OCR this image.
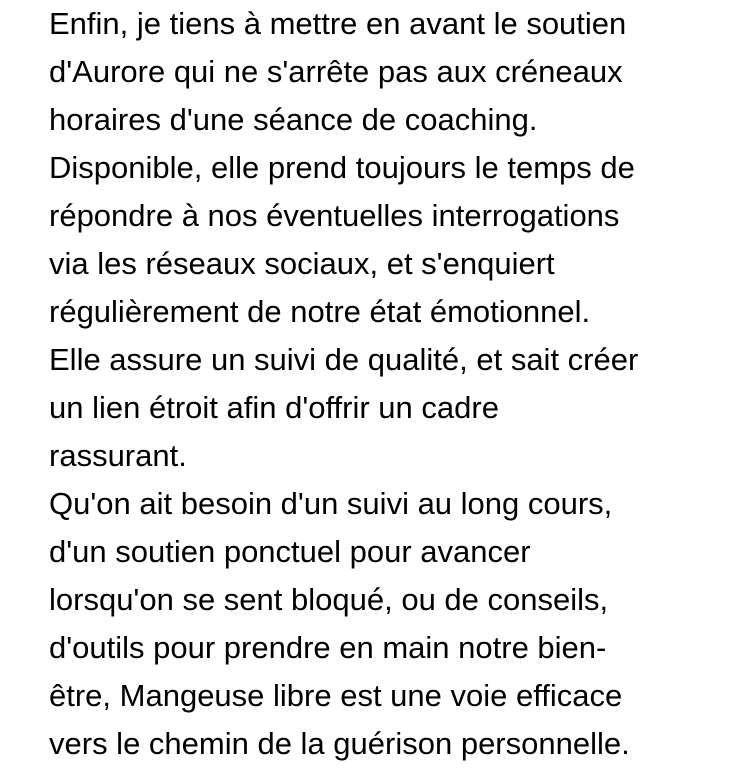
Enfin, je tiens à mettre en avant le soutien
d'Aurore qui ne s'arrête pas aux créneaux
horaires d'une séance de coaching.
Disponible, elle prend toujours le temps de
répondre à nos éventuelles interrogations
via les réseaux sociaux, et s'enquiert
régulièrement de notre état émotionnel.
Elle assure un suivi de qualité, et sait créer
un lien étroit afin d'offrir un cadre
rassurant.
Qu'on ait besoin d'un suivi au long cours,
d'un soutien ponctuel pour avancer
lorsqu'on se sent bloqué, ou de conseils,
d'outils pour prendre en main notre bien-
être, Mangeuse libre est une voie efficace
vers le chemin de la guérison personnelle.
